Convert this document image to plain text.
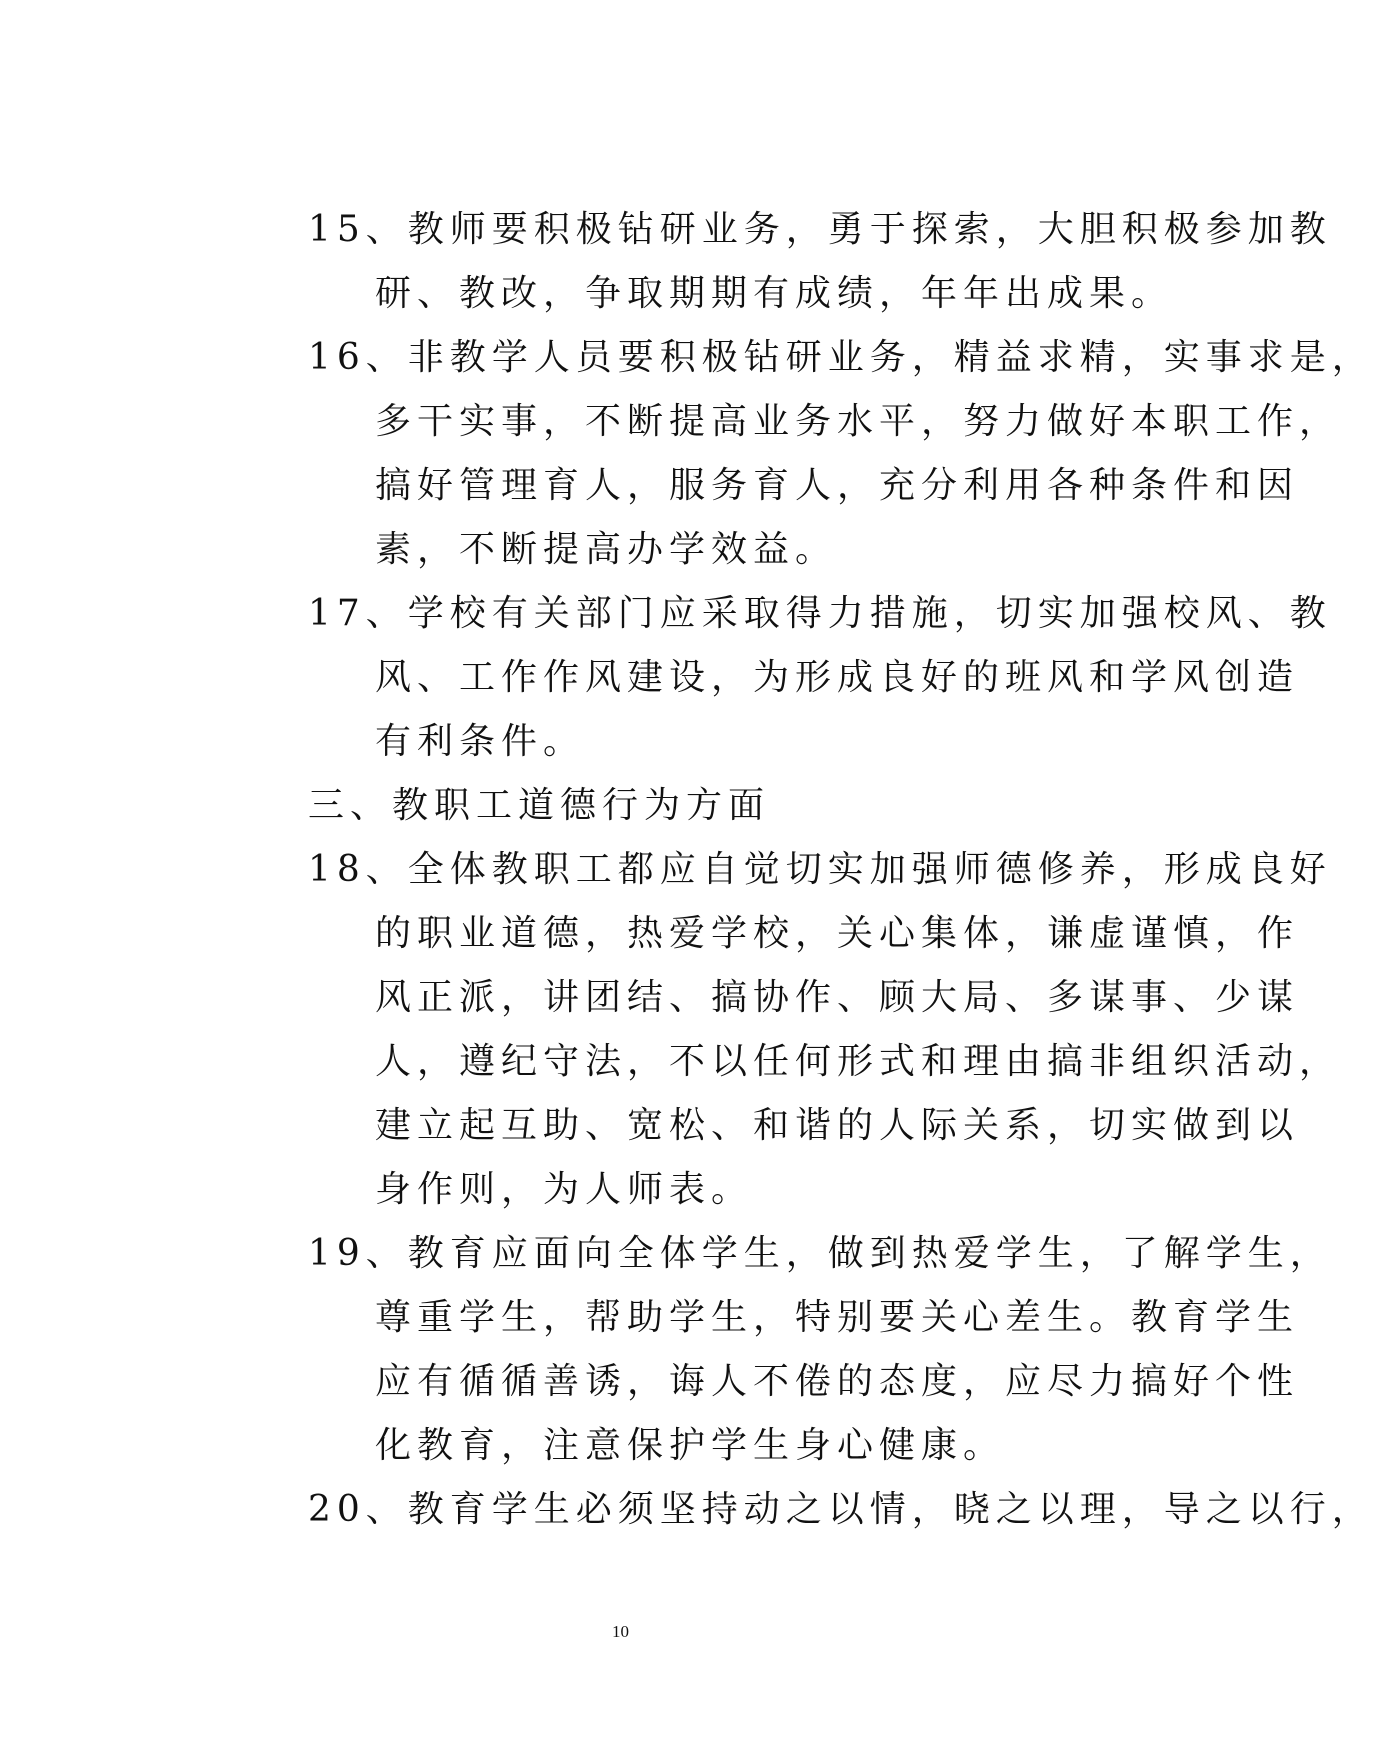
15、教师要积极钻研业务，勇于探索，大胆积极参加教
研、教改，争取期期有成绩，年年出成果。
16、非教学人员要积极钻研业务，精益求精，实事求是，
多干实事，不断提高业务水平，努力做好本职工作，
搞好管理育人，服务育人，充分利用各种条件和因
素，不断提高办学效益。
17、学校有关部门应采取得力措施，切实加强校风、教
风、工作作风建设，为形成良好的班风和学风创造
有利条件。
三、教职工道德行为方面
18、全体教职工都应自觉切实加强师德修养，形成良好
的职业道德，热爱学校，关心集体，谦虚谨慎，作
风正派，讲团结、搞协作、顾大局、多谋事、少谋
人，遵纪守法，不以任何形式和理由搞非组织活动，
建立起互助、宽松、和谐的人际关系，切实做到以
身作则，为人师表。
19、教育应面向全体学生，做到热爱学生，了解学生，
尊重学生，帮助学生，特别要关心差生。教育学生
应有循循善诱，诲人不倦的态度，应尽力搞好个性
化教育，注意保护学生身心健康。
20、教育学生必须坚持动之以情，晓之以理，导之以行，
10
